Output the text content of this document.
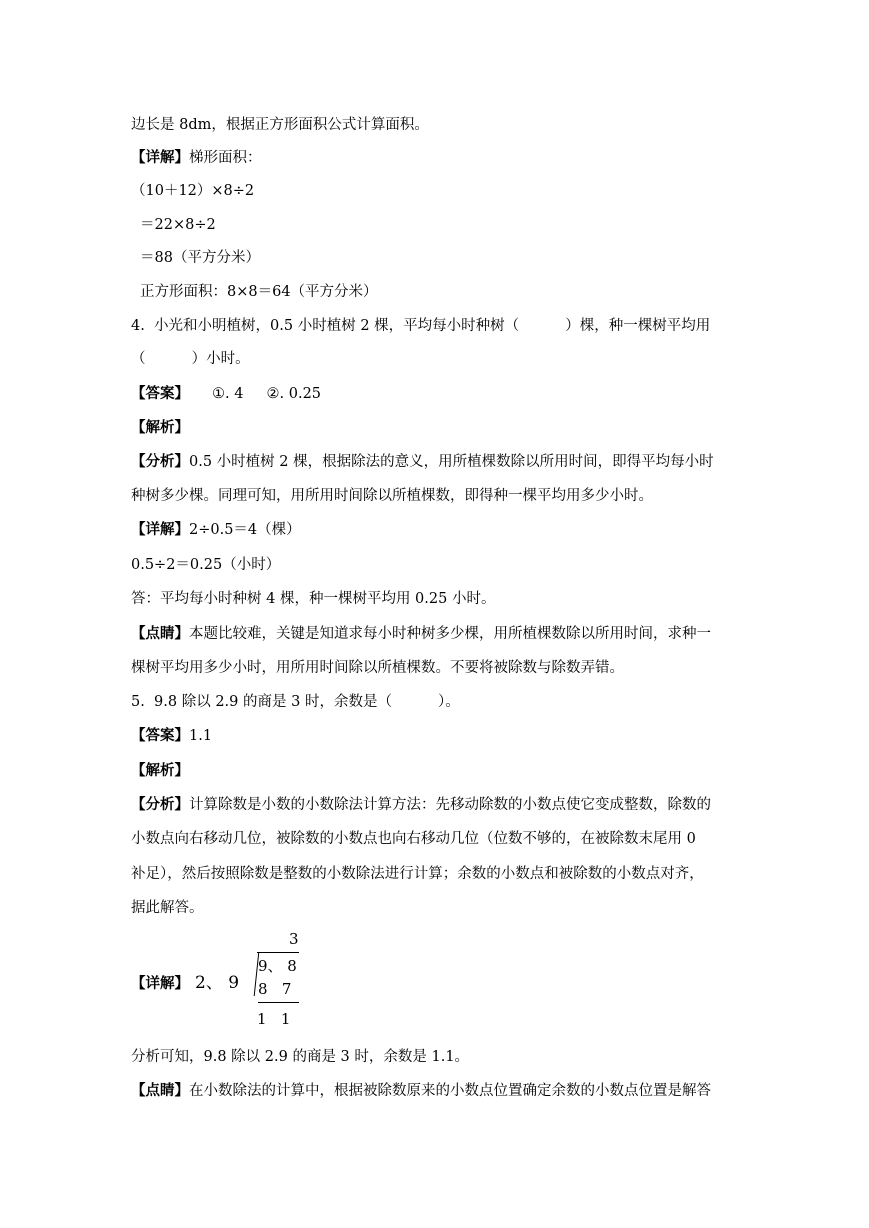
边长是 8dm，根据正方形面积公式计算面积。
【详解】梯形面积：
（10＋12）×8÷2
＝22×8÷2
＝88（平方分米）
正方形面积：8×8＝64（平方分米）
4.  小光和小明植树，0.5 小时植树 2 棵，平均每小时种树（          ）棵，种一棵树平均用
（          ）小时。
【答案】     ①. 4     ②. 0.25
【解析】
【分析】0.5 小时植树 2 棵，根据除法的意义，用所植棵数除以所用时间，即得平均每小时
种树多少棵。同理可知，用所用时间除以所植棵数，即得种一棵平均用多少小时。
【详解】2÷0.5＝4（棵）
0.5÷2＝0.25（小时）
答：平均每小时种树 4 棵，种一棵树平均用 0.25 小时。
【点睛】本题比较难，关键是知道求每小时种树多少棵，用所植棵数除以所用时间，求种一
棵树平均用多少小时，用所用时间除以所植棵数。不要将被除数与除数弄错。
5.  9.8 除以 2.9 的商是 3 时，余数是（          ）。
【答案】1.1
【解析】
【分析】计算除数是小数的小数除法计算方法：先移动除数的小数点使它变成整数，除数的
小数点向右移动几位，被除数的小数点也向右移动几位（位数不够的，在被除数末尾用 0
补足），然后按照除数是整数的小数除法进行计算；余数的小数点和被除数的小数点对齐，
据此解答。
【详解】 2、 9
3
9、 8
8   7
1   1
分析可知，9.8 除以 2.9 的商是 3 时，余数是 1.1。
【点睛】在小数除法的计算中，根据被除数原来的小数点位置确定余数的小数点位置是解答
